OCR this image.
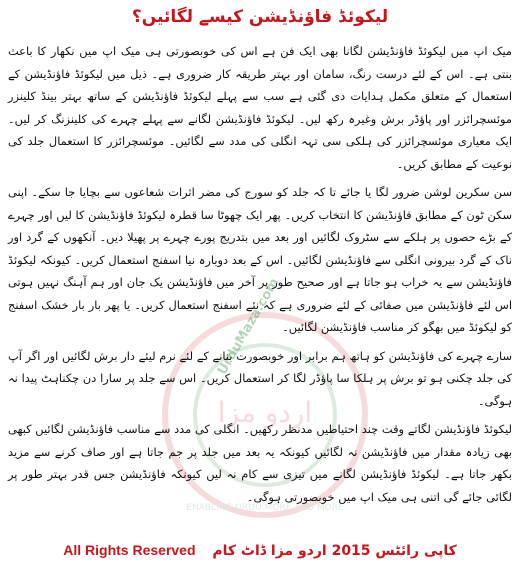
لیکوئڈ فاؤنڈیشن کیسے لگائیں؟
اردو مزا
ENABLING URDU MORE AND MORE
UrduMaza.com

میک اپ میں لیکوئڈ فاؤنڈیشن لگانا بھی ایک فن ہے اس کی خوبصورتی ہی میک اپ میں نکھار کا باعث بنتی ہے۔ اس کے لئے درست رنگ، سامان اور بہتر طریقہ کار ضروری ہے۔ ذیل میں لیکوئڈ فاؤنڈیشن کے استعمال کے متعلق مکمل ہدایات دی گئی ہے سب سے پہلے لیکوئڈ فاؤنڈیشن کے ساتھ بہتر بینڈ کلینزر موئسچرائزر اور پاؤڈر برش وغیرہ رکھ لیں۔ لیکوئڈ فاؤنڈیشن لگانے سے پہلے چہرے کی کلینزنگ کر لیں۔ ایک معیاری موئسچرائزر کی ہلکی سی تہہ انگلی کی مدد سے لگائیں۔ موئسچرائزر کا استعمال جلد کی نوعیت کے مطابق کریں۔

سن سکرین لوشن ضرور لگا یا جائے تا کہ جلد کو سورج کی مضر اثرات شعاعوں سے بچایا جا سکے۔ اپنی سکن ٹون کے مطابق فاؤنڈیشن کا انتخاب کریں۔ پھر ایک چھوٹا سا قطرہ لیکوئڈ فاؤنڈیشن کا لیں اور چہرے کے بڑے حصوں پر ہلکے سے سٹروک لگائیں اور بعد میں بتدریج پورے چہرے پر پھیلا دیں۔ آنکھوں کے گرد اور ناک کے گرد بیرونی انگلی سے فاؤنڈیشن لگائیں۔ اس کے بعد دوبارہ نیا اسفنج استعمال کریں۔ کیونکہ لیکوئڈ فاؤنڈیشن سے یہ خراب ہو جاتا ہے اور صحیح طور پر آخر میں فاؤنڈیشن یک جان اور ہم آہنگ نہیں ہوتی اس لئے فاؤنڈیشن میں صفائی کے لئے ضروری ہے کہ نئے اسفنج استعمال کریں۔ یا پھر بار بار خشک اسفنج کو لیکوئڈ میں بھگو کر مناسب فاؤنڈیشن لگائیں۔

سارے چہرے کی فاؤنڈیشن کو ہاتھ ہم برابر اور خوبصورت بنانے کے لئے نرم لیئے دار برش لگائیں اور اگر آپ کی جلد چکنی ہو تو برش پر ہلکا سا پاؤڈر لگا کر استعمال کریں۔ اس سے جلد پر سارا دن چکناہٹ پیدا نہ ہوگی۔

لیکوئڈ فاؤنڈیشن لگاتے وقت چند احتیاطیں مدنظر رکھیں۔ انگلی کی مدد سے مناسب فاؤنڈیشن لگائیں کبھی بھی زیادہ مقدار میں فاؤنڈیشن نہ لگائیں کیونکہ یہ بعد میں جلد پر جم جاتا ہے اور صاف کرنے سے مزید بکھر جاتا ہے۔ لیکوئڈ فاؤنڈیشن لگانے میں تیزی سے کام نہ لیں کیونکہ فاؤنڈیشن جس قدر بہتر طور پر لگائی جائے گی اتنی ہی میک اپ میں خوبصورتی ہوگی۔

All Rights Reserved کاپی رائٹس 2015 اردو مزا ڈاٹ کام
